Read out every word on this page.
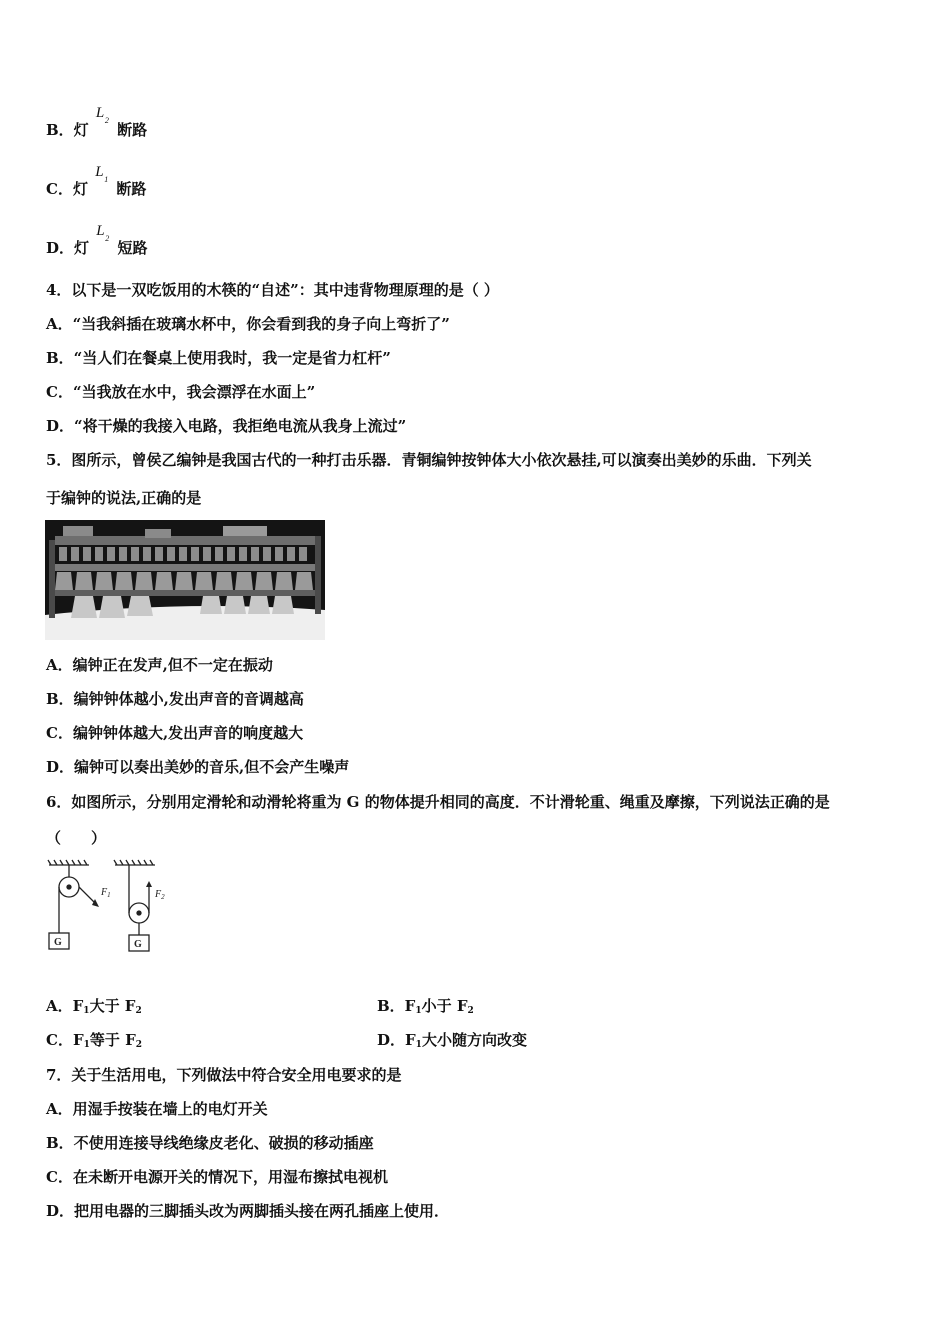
B．灯
L 2
断路
C．灯
L 1
断路
D．灯
L 2
短路
4．以下是一双吃饭用的木筷的“自述”：其中违背物理原理的是（ ）
A．“当我斜插在玻璃水杯中，你会看到我的身子向上弯折了”
B．“当人们在餐桌上使用我时，我一定是省力杠杆”
C．“当我放在水中，我会漂浮在水面上”
D．“将干燥的我接入电路，我拒绝电流从我身上流过”
5．图所示，曾侯乙编钟是我国古代的一种打击乐器．青铜编钟按钟体大小依次悬挂,可以演奏出美妙的乐曲．下列关
于编钟的说法,正确的是
A．编钟正在发声,但不一定在振动
B．编钟钟体越小,发出声音的音调越高
C．编钟钟体越大,发出声音的响度越大
D．编钟可以奏出美妙的音乐,但不会产生噪声
6．如图所示，分别用定滑轮和动滑轮将重为 G 的物体提升相同的高度．不计滑轮重、绳重及摩擦，下列说法正确的是
（　　）
$F_1$	$F_2$
G	G
A．$F_1$大于 $F_2$	B．$F_1$小于 $F_2$
C．$F_1$等于 $F_2$	D．$F_1$大小随方向改变
7．关于生活用电，下列做法中符合安全用电要求的是
A．用湿手按装在墙上的电灯开关
B．不使用连接导线绝缘皮老化、破损的移动插座
C．在未断开电源开关的情况下，用湿布擦拭电视机
D．把用电器的三脚插头改为两脚插头接在两孔插座上使用．
